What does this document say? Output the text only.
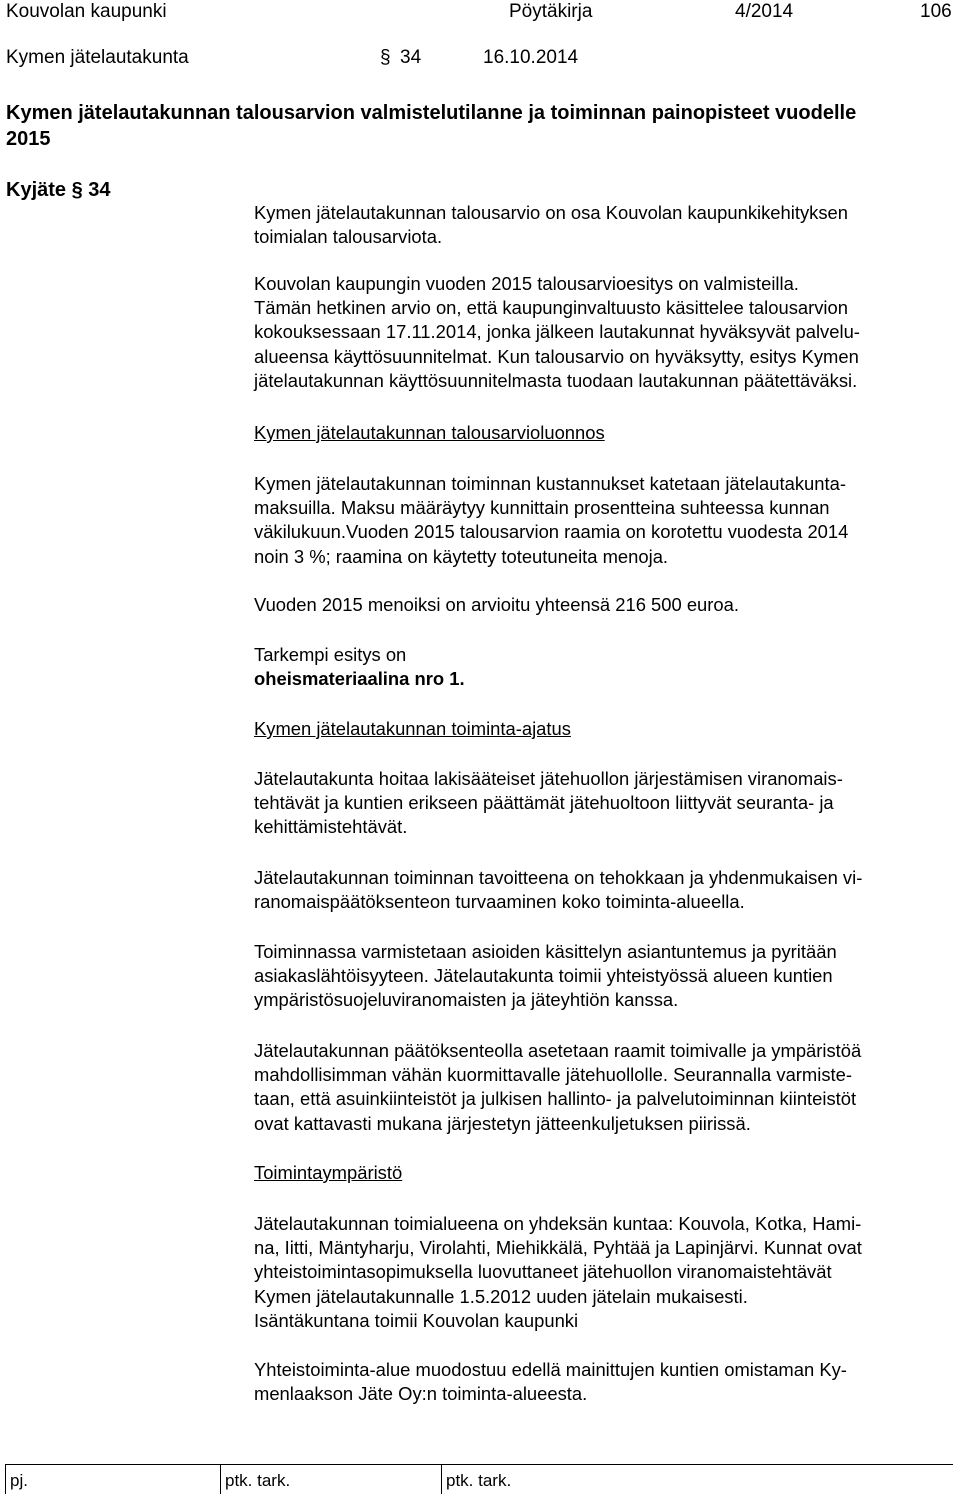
Kouvolan kaupunki	Pöytäkirja	4/2014	106
Kymen jätelautakunta	§ 34	16.10.2014
Kymen jätelautakunnan talousarvion valmistelutilanne ja toiminnan painopisteet vuodelle
2015
Kyjäte § 34

Kymen jätelautakunnan talousarvio on osa Kouvolan kaupunkikehityksen

toimialan talousarviota.

Kouvolan kaupungin vuoden 2015 talousarvioesitys on valmisteilla.

Tämän hetkinen arvio on, että kaupunginvaltuusto käsittelee talousarvion

kokouksessaan 17.11.2014, jonka jälkeen lautakunnat hyväksyvät palvelu-

alueensa käyttösuunnitelmat. Kun talousarvio on hyväksytty, esitys Kymen

jätelautakunnan käyttösuunnitelmasta tuodaan lautakunnan päätettäväksi.

Kymen jätelautakunnan talousarvioluonnos

Kymen jätelautakunnan toiminnan kustannukset katetaan jätelautakunta-

maksuilla. Maksu määräytyy kunnittain prosentteina suhteessa kunnan

väkilukuun.Vuoden 2015 talousarvion raamia on korotettu vuodesta 2014

noin 3 %; raamina on käytetty toteutuneita menoja.

Vuoden 2015 menoiksi on arvioitu yhteensä 216 500 euroa.

Tarkempi esitys on

oheismateriaalina nro 1.

Kymen jätelautakunnan toiminta-ajatus

Jätelautakunta hoitaa lakisääteiset jätehuollon järjestämisen viranomais-

tehtävät ja kuntien erikseen päättämät jätehuoltoon liittyvät seuranta- ja

kehittämistehtävät.

Jätelautakunnan toiminnan tavoitteena on tehokkaan ja yhdenmukaisen vi-

ranomaispäätöksenteon turvaaminen koko toiminta-alueella.

Toiminnassa varmistetaan asioiden käsittelyn asiantuntemus ja pyritään

asiakaslähtöisyyteen. Jätelautakunta toimii yhteistyössä alueen kuntien

ympäristösuojeluviranomaisten ja jäteyhtiön kanssa.

Jätelautakunnan päätöksenteolla asetetaan raamit toimivalle ja ympäristöä

mahdollisimman vähän kuormittavalle jätehuollolle. Seurannalla varmiste-

taan, että asuinkiinteistöt ja julkisen hallinto- ja palvelutoiminnan kiinteistöt

ovat kattavasti mukana järjestetyn jätteenkuljetuksen piirissä.

Toimintaympäristö

Jätelautakunnan toimialueena on yhdeksän kuntaa: Kouvola, Kotka, Hami-

na, Iitti, Mäntyharju, Virolahti, Miehikkälä, Pyhtää ja Lapinjärvi. Kunnat ovat

yhteistoimintasopimuksella luovuttaneet jätehuollon viranomaistehtävät

Kymen jätelautakunnalle 1.5.2012 uuden jätelain mukaisesti.

Isäntäkuntana toimii Kouvolan kaupunki

Yhteistoiminta-alue muodostuu edellä mainittujen kuntien omistaman Ky-

menlaakson Jäte Oy:n toiminta-alueesta.

pj.	ptk. tark.	ptk. tark.
